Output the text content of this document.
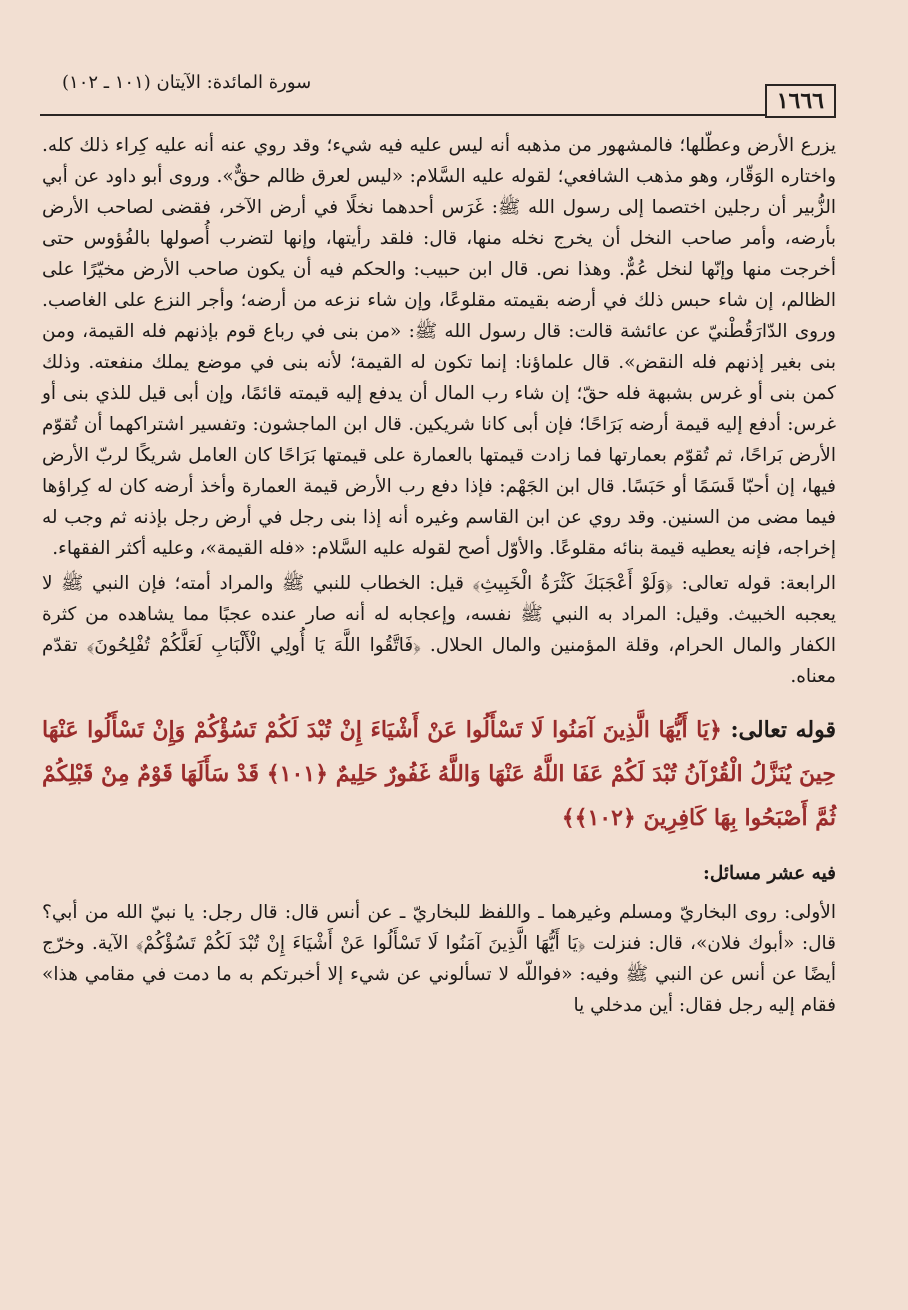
١٦٦٦
سورة المائدة: الآيتان (١٠١ ـ ١٠٢)

يزرع الأرض وعطّلها؛ فالمشهور من مذهبه أنه ليس عليه فيه شيء؛ وقد روي عنه أنه عليه كِراء ذلك كله. واختاره الوَقّار، وهو مذهب الشافعي؛ لقوله عليه السَّلام: «ليس لعرق ظالم حقٌّ». وروى أبو داود عن أبي الزُّبير أن رجلين اختصما إلى رسول الله ﷺ: غَرَس أحدهما نخلًا في أرض الآخر، فقضى لصاحب الأرض بأرضه، وأمر صاحب النخل أن يخرج نخله منها، قال: فلقد رأيتها، وإنها لتضرب أُصولها بالفُؤوس حتى أخرجت منها وإنّها لنخل عُمٌّ. وهذا نص. قال ابن حبيب: والحكم فيه أن يكون صاحب الأرض مخيّرًا على الظالم، إن شاء حبس ذلك في أرضه بقيمته مقلوعًا، وإن شاء نزعه من أرضه؛ وأجر النزع على الغاصب. وروى الدّارَقُطْنيّ عن عائشة قالت: قال رسول الله ﷺ: «من بنى في رباع قوم بإذنهم فله القيمة، ومن بنى بغير إذنهم فله النقض». قال علماؤنا: إنما تكون له القيمة؛ لأنه بنى في موضع يملك منفعته. وذلك كمن بنى أو غرس بشبهة فله حقّ؛ إن شاء رب المال أن يدفع إليه قيمته قائمًا، وإن أبى قيل للذي بنى أو غرس: أدفع إليه قيمة أرضه بَرَاحًا؛ فإن أبى كانا شريكين. قال ابن الماجشون: وتفسير اشتراكهما أن تُقوّم الأرض بَراحًا، ثم تُقوّم بعمارتها فما زادت قيمتها بالعمارة على قيمتها بَرَاحًا كان العامل شريكًا لربّ الأرض فيها، إن أحبّا قَسَمًا أو حَبَسًا. قال ابن الجَهْم: فإذا دفع رب الأرض قيمة العمارة وأخذ أرضه كان له كِراؤها فيما مضى من السنين. وقد روي عن ابن القاسم وغيره أنه إذا بنى رجل في أرض رجل بإذنه ثم وجب له إخراجه، فإنه يعطيه قيمة بنائه مقلوعًا. والأوّل أصح لقوله عليه السَّلام: «فله القيمة»، وعليه أكثر الفقهاء.

الرابعة: قوله تعالى: ﴿وَلَوْ أَعْجَبَكَ كَثْرَةُ الْخَبِيثِ﴾ قيل: الخطاب للنبي ﷺ والمراد أمته؛ فإن النبي ﷺ لا يعجبه الخبيث. وقيل: المراد به النبي ﷺ نفسه، وإعجابه له أنه صار عنده عجبًا مما يشاهده من كثرة الكفار والمال الحرام، وقلة المؤمنين والمال الحلال. ﴿فَاتَّقُوا اللَّهَ يَا أُولِي الْأَلْبَابِ لَعَلَّكُمْ تُفْلِحُونَ﴾ تقدّم معناه.

قوله تعالى: ﴿يَا أَيُّهَا الَّذِينَ آمَنُوا لَا تَسْأَلُوا عَنْ أَشْيَاءَ إِنْ تُبْدَ لَكُمْ تَسُؤْكُمْ وَإِنْ تَسْأَلُوا عَنْهَا حِينَ يُنَزَّلُ الْقُرْآنُ تُبْدَ لَكُمْ عَفَا اللَّهُ عَنْهَا وَاللَّهُ غَفُورٌ حَلِيمٌ ﴿١٠١﴾ قَدْ سَأَلَهَا قَوْمٌ مِنْ قَبْلِكُمْ ثُمَّ أَصْبَحُوا بِهَا كَافِرِينَ ﴿١٠٢﴾﴾
فيه عشر مسائل:

الأولى: روى البخاريّ ومسلم وغيرهما ـ واللفظ للبخاريّ ـ عن أنس قال: قال رجل: يا نبيّ الله من أبي؟ قال: «أبوك فلان»، قال: فنزلت ﴿يَا أَيُّهَا الَّذِينَ آمَنُوا لَا تَسْأَلُوا عَنْ أَشْيَاءَ إِنْ تُبْدَ لَكُمْ تَسُؤْكُمْ﴾ الآية. وخرّج أيضًا عن أنس عن النبي ﷺ وفيه: «فواللّه لا تسألوني عن شيء إلا أخبرتكم به ما دمت في مقامي هذا» فقام إليه رجل فقال: أين مدخلي يا
